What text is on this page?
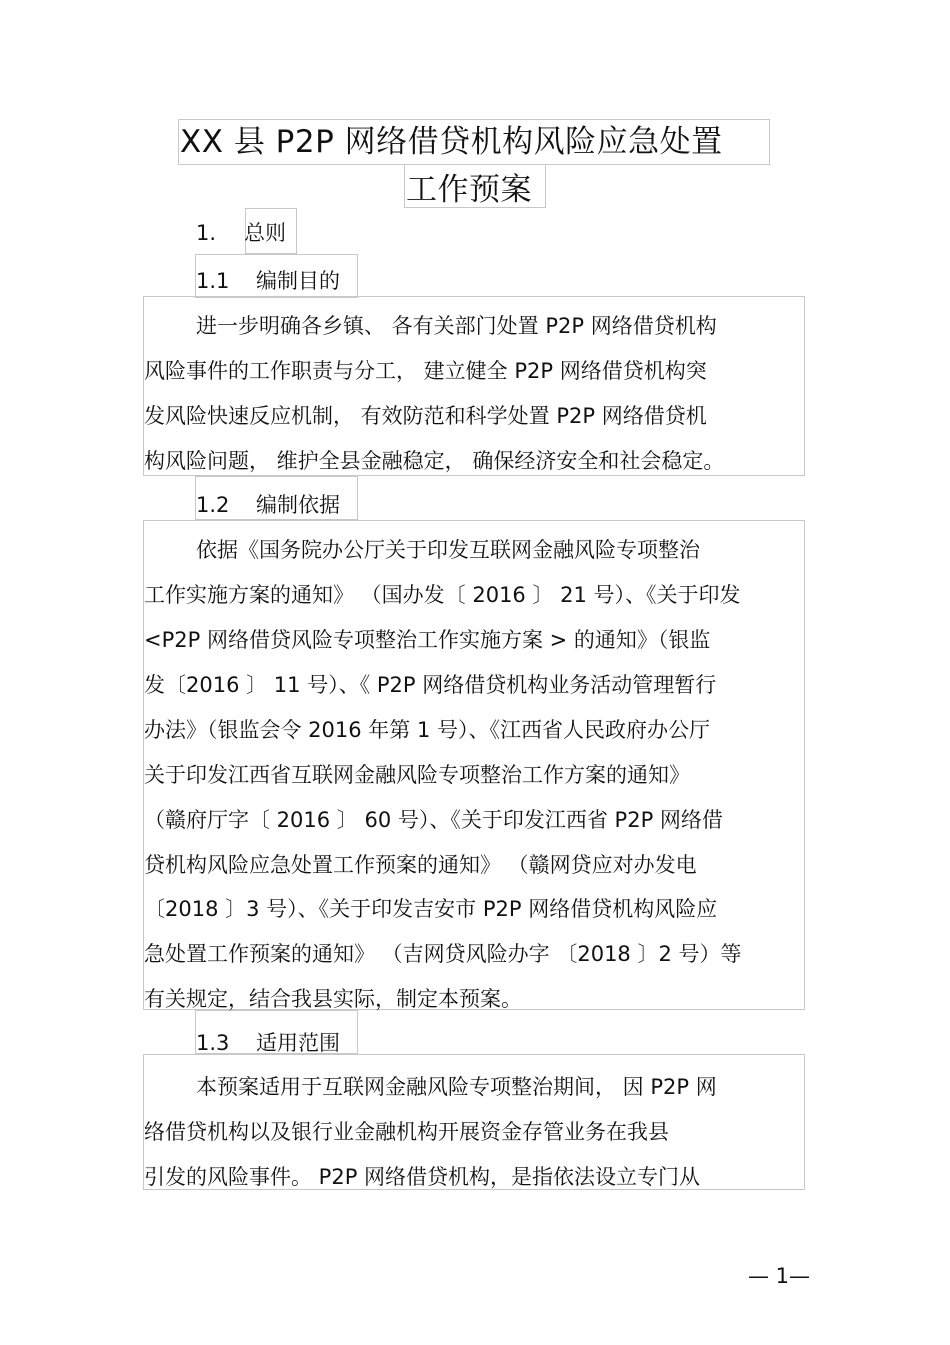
XX 县 P2P 网络借贷机构风险应急处置
工作预案
1. 总则
1.1 编制目的
进一步明确各乡镇、 各有关部门处置 P2P 网络借贷机构
风险事件的工作职责与分工， 建立健全 P2P 网络借贷机构突
发风险快速反应机制， 有效防范和科学处置 P2P 网络借贷机
构风险问题， 维护全县金融稳定， 确保经济安全和社会稳定。
1.2 编制依据
依据《国务院办公厅关于印发互联网金融风险专项整治
工作实施方案的通知》 （国办发〔 2016 〕 21 号）、《关于印发
<P2P 网络借贷风险专项整治工作实施方案 > 的通知》（银监
发〔2016 〕 11 号）、《 P2P 网络借贷机构业务活动管理暂行
办法》（银监会令 2016 年第 1 号）、《江西省人民政府办公厅
关于印发江西省互联网金融风险专项整治工作方案的通知》
（赣府厅字〔 2016 〕 60 号）、《关于印发江西省 P2P 网络借
贷机构风险应急处置工作预案的通知》 （赣网贷应对办发电
〔2018 〕3 号）、《关于印发吉安市 P2P 网络借贷机构风险应
急处置工作预案的通知》 （吉网贷风险办字 〔2018 〕2 号）等
有关规定，结合我县实际，制定本预案。
1.3 适用范围
本预案适用于互联网金融风险专项整治期间， 因 P2P 网
络借贷机构以及银行业金融机构开展资金存管业务在我县
引发的风险事件。 P2P 网络借贷机构，是指依法设立专门从
— 1—
